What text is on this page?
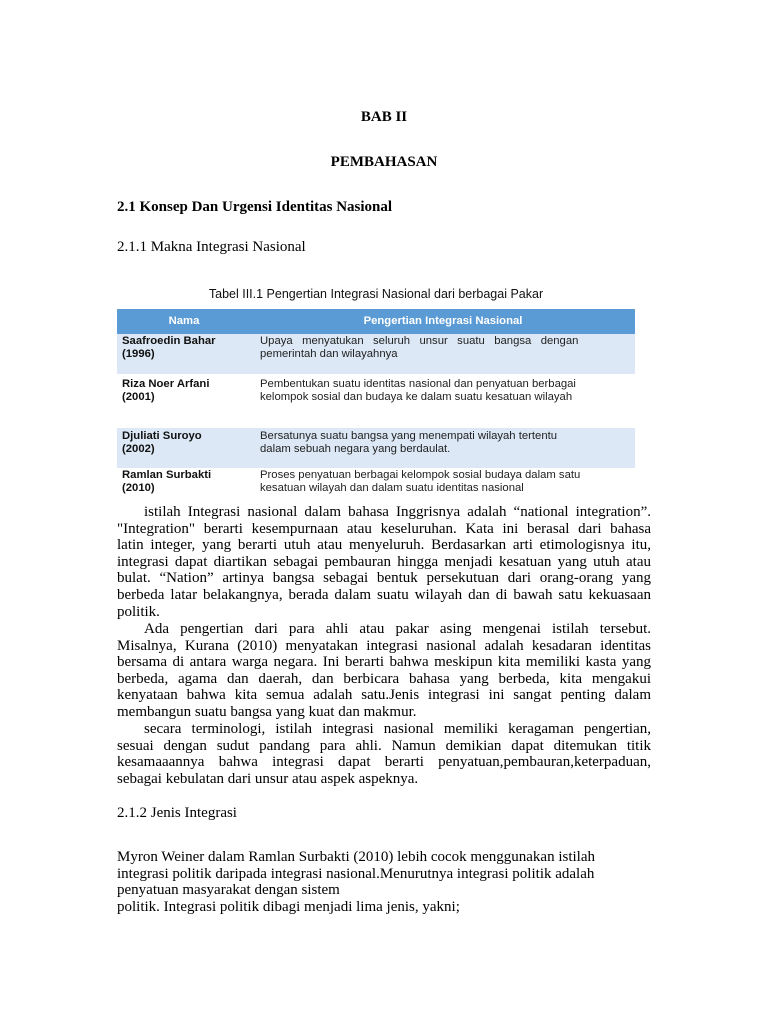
BAB II
PEMBAHASAN
2.1 Konsep Dan Urgensi Identitas Nasional
2.1.1 Makna Integrasi Nasional
Tabel III.1 Pengertian Integrasi Nasional dari berbagai Pakar
Nama	Pengertian Integrasi Nasional
Saafroedin Bahar
(1996)
Upaya   menyatukan   seluruh   unsur   suatu   bangsa   dengan
pemerintah dan wilayahnya
Riza Noer Arfani
(2001)
Pembentukan suatu identitas nasional dan penyatuan berbagai
kelompok sosial dan budaya ke dalam suatu kesatuan wilayah
Djuliati Suroyo
(2002)
Bersatunya suatu bangsa yang menempati wilayah tertentu
dalam sebuah negara yang berdaulat.
Ramlan Surbakti
(2010)
Proses penyatuan berbagai kelompok sosial budaya dalam satu
kesatuan wilayah dan dalam suatu identitas nasional
istilah Integrasi nasional dalam bahasa Inggrisnya adalah “national integration”.
"Integration" berarti kesempurnaan atau keseluruhan. Kata ini berasal dari bahasa
latin integer, yang berarti utuh atau menyeluruh. Berdasarkan arti etimologisnya itu,
integrasi dapat diartikan sebagai pembauran hingga menjadi kesatuan yang utuh atau
bulat. “Nation” artinya bangsa sebagai bentuk persekutuan dari orang-orang yang
berbeda latar belakangnya, berada dalam suatu wilayah dan di bawah satu kekuasaan
politik.
Ada pengertian dari para ahli atau pakar asing mengenai istilah tersebut.
Misalnya, Kurana (2010) menyatakan integrasi nasional adalah kesadaran identitas
bersama di antara warga negara. Ini berarti bahwa meskipun kita memiliki kasta yang
berbeda, agama dan daerah, dan berbicara bahasa yang berbeda, kita mengakui
kenyataan bahwa kita semua adalah satu.Jenis integrasi ini sangat penting dalam
membangun suatu bangsa yang kuat dan makmur.
secara terminologi, istilah integrasi nasional memiliki keragaman pengertian,
sesuai dengan sudut pandang para ahli. Namun demikian dapat ditemukan titik
kesamaaannya bahwa integrasi dapat berarti penyatuan,pembauran,keterpaduan,
sebagai kebulatan dari unsur atau aspek aspeknya.
2.1.2 Jenis Integrasi
Myron Weiner dalam Ramlan Surbakti (2010) lebih cocok menggunakan istilah
integrasi politik daripada integrasi nasional.Menurutnya integrasi politik adalah
penyatuan masyarakat dengan sistem
politik. Integrasi politik dibagi menjadi lima jenis, yakni;
